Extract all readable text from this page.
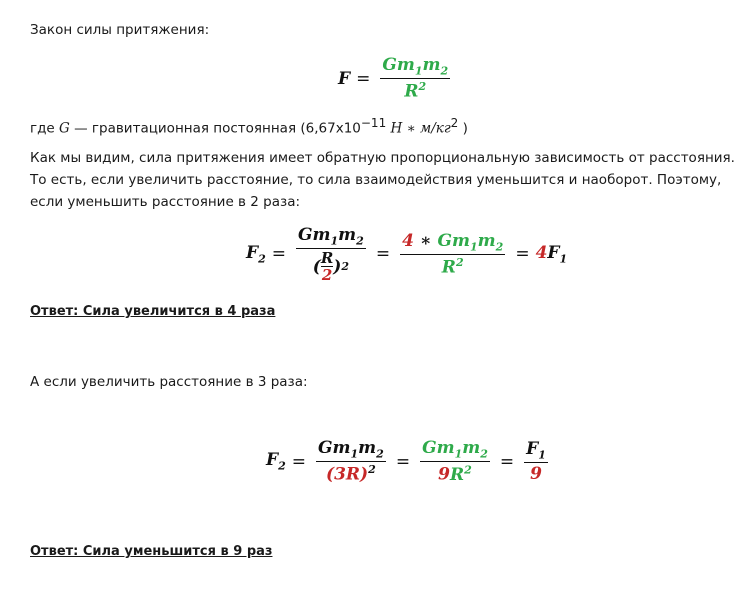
Закон силы притяжения:
$F = \frac{Gm_1m_2}{R^2}$
где G — гравитационная постоянная ($6,67x10^{-11}$ Н ∗ $м/кг^2$ )
Как мы видим, сила притяжения имеет обратную пропорциональную зависимость от расстояния.
То есть, если увеличить расстояние, то сила взаимодействия уменьшится и наоборот. Поэтому,
если уменьшить расстояние в 2 раза:
$F_2 = Gm_1m_2$
( R
2 ) $2 = \frac{4 ∗ Gm_1m_2}{R^2} = 4F_1$
Ответ: Сила увеличится в 4 раза
А если увеличить расстояние в 3 раза:
$F_2 = \frac{Gm_1m_2}{(3R)^2} = \frac{Gm_1m_2}{9R^2} = \frac{F_1}{9}$
Ответ: Сила уменьшится в 9 раз
